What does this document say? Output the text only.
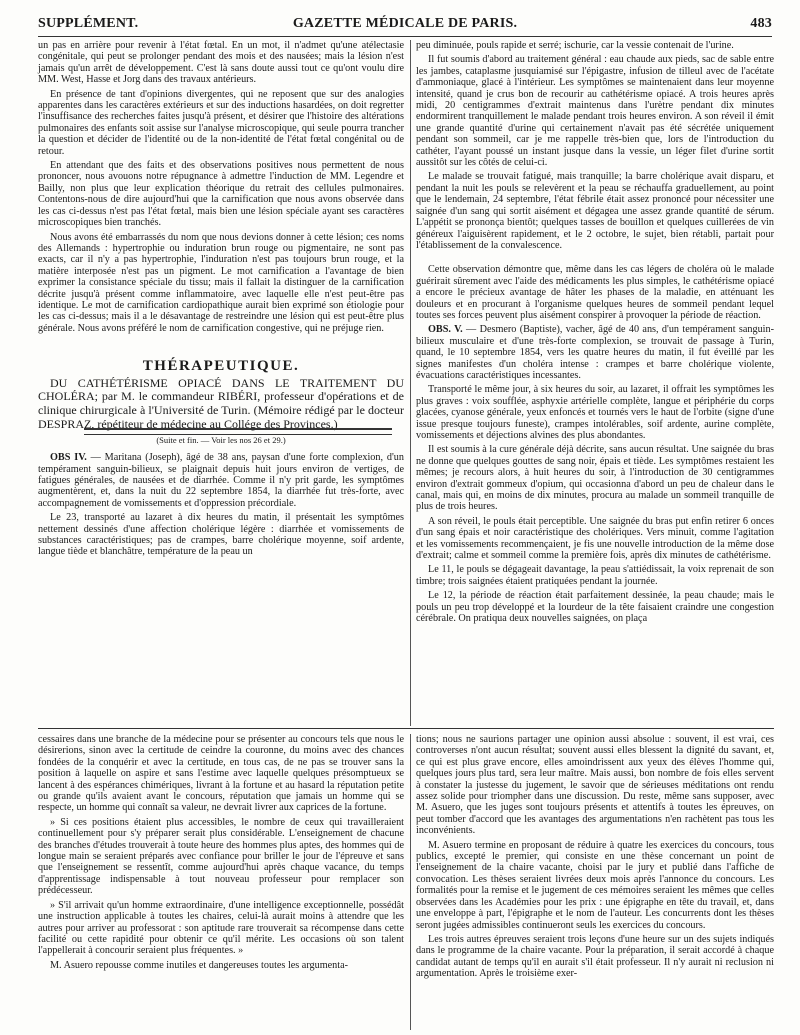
SUPPLÉMENT.	GAZETTE MÉDICALE DE PARIS.	483

un pas en arrière pour revenir à l'état fœtal. En un mot, il n'admet qu'une atélectasie congénitale, qui peut se prolonger pendant des mois et des nausées; mais la lésion n'est jamais qu'un arrêt de développement. C'est là sans doute aussi tout ce qu'ont voulu dire MM. West, Hasse et Jorg dans des travaux antérieurs.

En présence de tant d'opinions divergentes, qui ne reposent que sur des analogies apparentes dans les caractères extérieurs et sur des inductions hasardées, on doit regretter l'insuffisance des recherches faites jusqu'à présent, et désirer que l'histoire des altérations pulmonaires des enfants soit assise sur l'analyse microscopique, qui seule pourra trancher la question et décider de l'identité ou de la non-identité de l'état fœtal congénital ou de retour.

En attendant que des faits et des observations positives nous permettent de nous prononcer, nous avouons notre répugnance à admettre l'induction de MM. Legendre et Bailly, non plus que leur explication théorique du retrait des cellules pulmonaires. Contentons-nous de dire aujourd'hui que la carnification que nous avons observée dans les cas ci-dessus n'est pas l'état fœtal, mais bien une lésion spéciale ayant ses caractères microscopiques bien tranchés.

Nous avons été embarrassés du nom que nous devions donner à cette lésion; ces noms des Allemands : hypertrophie ou induration brun rouge ou pigmentaire, ne sont pas exacts, car il n'y a pas hypertrophie, l'induration n'est pas toujours brun rouge, et la matière interposée n'est pas un pigment. Le mot carnification a l'avantage de bien exprimer la consistance spéciale du tissu; mais il fallait la distinguer de la carnification décrite jusqu'à présent comme inflammatoire, avec laquelle elle n'est peut-être pas identique. Le mot de carnification cardiopathique aurait bien exprimé son étiologie pour les cas ci-dessus; mais il a le désavantage de restreindre une lésion qui est peut-être plus générale. Nous avons préféré le nom de carnification congestive, qui ne préjuge rien.

THÉRAPEUTIQUE.

DU CATHÉTÉRISME OPIACÉ DANS LE TRAITEMENT DU CHOLÉRA; par M. le commandeur RIBÉRI, professeur d'opérations et de clinique chirurgicale à l'Université de Turin. (Mémoire rédigé par le docteur DESPRAZ, répétiteur de médecine au Collége des Provinces.)

(Suite et fin. — Voir les nos 26 et 29.)

OBS IV. — Maritana (Joseph), âgé de 38 ans, paysan d'une forte complexion, d'un tempérament sanguin-bilieux, se plaignait depuis huit jours environ de vertiges, de fatigues générales, de nausées et de diarrhée. Comme il n'y prit garde, les symptômes augmentèrent, et, dans la nuit du 22 septembre 1854, la diarrhée fut très-forte, avec accompagnement de vomissements et d'oppression précordiale.

Le 23, transporté au lazaret à dix heures du matin, il présentait les symptômes nettement dessinés d'une affection cholérique légère : diarrhée et vomissements de substances caractéristiques; pas de crampes, barre cholérique moyenne, soif ardente, langue tiède et blanchâtre, température de la peau un

peu diminuée, pouls rapide et serré; ischurie, car la vessie contenait de l'urine.

Il fut soumis d'abord au traitement général : eau chaude aux pieds, sac de sable entre les jambes, cataplasme jusquiamisé sur l'épigastre, infusion de tilleul avec de l'acétate d'ammoniaque, glacé à l'intérieur. Les symptômes se maintenaient dans leur moyenne intensité, quand je crus bon de recourir au cathétérisme opiacé. A trois heures après midi, 20 centigrammes d'extrait maintenus dans l'urètre pendant dix minutes endormirent tranquillement le malade pendant trois heures environ. A son réveil il émit une grande quantité d'urine qui certainement n'avait pas été sécrétée uniquement pendant son sommeil, car je me rappelle très-bien que, lors de l'introduction du cathéter, l'ayant poussé un instant jusque dans la vessie, un léger filet d'urine sortit aussitôt sur les côtés de celui-ci.

Le malade se trouvait fatigué, mais tranquille; la barre cholérique avait disparu, et pendant la nuit les pouls se relevèrent et la peau se réchauffa graduellement, au point que le lendemain, 24 septembre, l'état fébrile était assez prononcé pour nécessiter une saignée d'un sang qui sortit aisément et dégagea une assez grande quantité de sérum. L'appétit se prononça bientôt; quelques tasses de bouillon et quelques cuillerées de vin généreux l'aiguisèrent rapidement, et le 2 octobre, le sujet, bien rétabli, partait pour l'établissement de la convalescence.

Cette observation démontre que, même dans les cas légers de choléra où le malade guérirait sûrement avec l'aide des médicaments les plus simples, le cathétérisme opiacé a encore le précieux avantage de hâter les phases de la maladie, en atténuant les douleurs et en procurant à l'organisme quelques heures de sommeil pendant lequel toutes ses forces peuvent plus aisément conspirer à provoquer la période de réaction.

OBS. V. — Desmero (Baptiste), vacher, âgé de 40 ans, d'un tempérament sanguin-bilieux musculaire et d'une très-forte complexion, se trouvait de passage à Turin, quand, le 10 septembre 1854, vers les quatre heures du matin, il fut éveillé par les signes manifestes d'un choléra intense : crampes et barre cholérique violente, évacuations caractéristiques incessantes.

Transporté le même jour, à six heures du soir, au lazaret, il offrait les symptômes les plus graves : voix soufflée, asphyxie artérielle complète, langue et périphérie du corps glacées, cyanose générale, yeux enfoncés et tournés vers le haut de l'orbite (signe d'une issue presque toujours funeste), crampes intolérables, soif ardente, aurine complète, vomissements et déjections alvines des plus abondantes.

Il est soumis à la cure générale déjà décrite, sans aucun résultat. Une saignée du bras ne donne que quelques gouttes de sang noir, épais et tiède. Les symptômes restaient les mêmes; je recours alors, à huit heures du soir, à l'introduction de 30 centigrammes environ d'extrait gommeux d'opium, qui occasionna d'abord un peu de chaleur dans le canal, mais qui, en moins de dix minutes, procura au malade un sommeil tranquille de plus de trois heures.

A son réveil, le pouls était perceptible. Une saignée du bras put enfin retirer 6 onces d'un sang épais et noir caractéristique des cholériques. Vers minuit, comme l'agitation et les vomissements recommençaient, je fis une nouvelle introduction de la même dose d'extrait; calme et sommeil comme la première fois, après dix minutes de cathétérisme.

Le 11, le pouls se dégageait davantage, la peau s'attiédissait, la voix reprenait de son timbre; trois saignées étaient pratiquées pendant la journée.

Le 12, la période de réaction était parfaitement dessinée, la peau chaude; mais le pouls un peu trop développé et la lourdeur de la tête faisaient craindre une congestion cérébrale. On pratiqua deux nouvelles saignées, on plaça

cessaires dans une branche de la médecine pour se présenter au concours tels que nous le désirerions, sinon avec la certitude de ceindre la couronne, du moins avec des chances fondées de la conquérir et avec la certitude, en tous cas, de ne pas se trouver sans la position à laquelle on aspire et sans l'estime avec laquelle quelques présomptueux se lancent à des espérances chimériques, livrant à la fortune et au hasard la réputation petite ou grande qu'ils avaient avant le concours, réputation que jamais un homme qui se respecte, un homme qui connaît sa valeur, ne devrait livrer aux caprices de la fortune.

» Si ces positions étaient plus accessibles, le nombre de ceux qui travailleraient continuellement pour s'y préparer serait plus considérable. L'enseignement de chacune des branches d'études trouverait à toute heure des hommes plus aptes, des hommes qui de longue main se seraient préparés avec confiance pour briller le jour de l'épreuve et sans que l'enseignement se ressentît, comme aujourd'hui après chaque vacance, du temps d'apprentissage indispensable à tout nouveau professeur pour remplacer son prédécesseur.

» S'il arrivait qu'un homme extraordinaire, d'une intelligence exceptionnelle, possédât une instruction applicable à toutes les chaires, celui-là aurait moins à attendre que les autres pour arriver au professorat : son aptitude rare trouverait sa récompense dans cette facilité ou cette rapidité pour obtenir ce qu'il mérite. Les occasions où son talent l'appellerait à concourir seraient plus fréquentes. »

M. Asuero repousse comme inutiles et dangereuses toutes les argumenta-

tions; nous ne saurions partager une opinion aussi absolue : souvent, il est vrai, ces controverses n'ont aucun résultat; souvent aussi elles blessent la dignité du savant, et, ce qui est plus grave encore, elles amoindrissent aux yeux des élèves l'homme qui, quelques jours plus tard, sera leur maître. Mais aussi, bon nombre de fois elles servent à constater la justesse du jugement, le savoir que de sérieuses méditations ont rendu assez solide pour triompher dans une discussion. Du reste, même sans supposer, avec M. Asuero, que les juges sont toujours présents et attentifs à toutes les épreuves, on peut tomber d'accord que les avantages des argumentations n'en rachètent pas tous les inconvénients.

M. Asuero termine en proposant de réduire à quatre les exercices du concours, tous publics, excepté le premier, qui consiste en une thèse concernant un point de l'enseignement de la chaire vacante, choisi par le jury et publié dans l'affiche de convocation. Les thèses seraient livrées deux mois après l'annonce du concours. Les formalités pour la remise et le jugement de ces mémoires seraient les mêmes que celles observées dans les Académies pour les prix : une épigraphe en tête du travail, et, dans une enveloppe à part, l'épigraphe et le nom de l'auteur. Les concurrents dont les thèses seront jugées admissibles continueront seuls les exercices du concours.

Les trois autres épreuves seraient trois leçons d'une heure sur un des sujets indiqués dans le programme de la chaire vacante. Pour la préparation, il serait accordé à chaque candidat autant de temps qu'il en aurait s'il était professeur. Il n'y aurait ni reclusion ni argumentation. Après le troisième exer-
